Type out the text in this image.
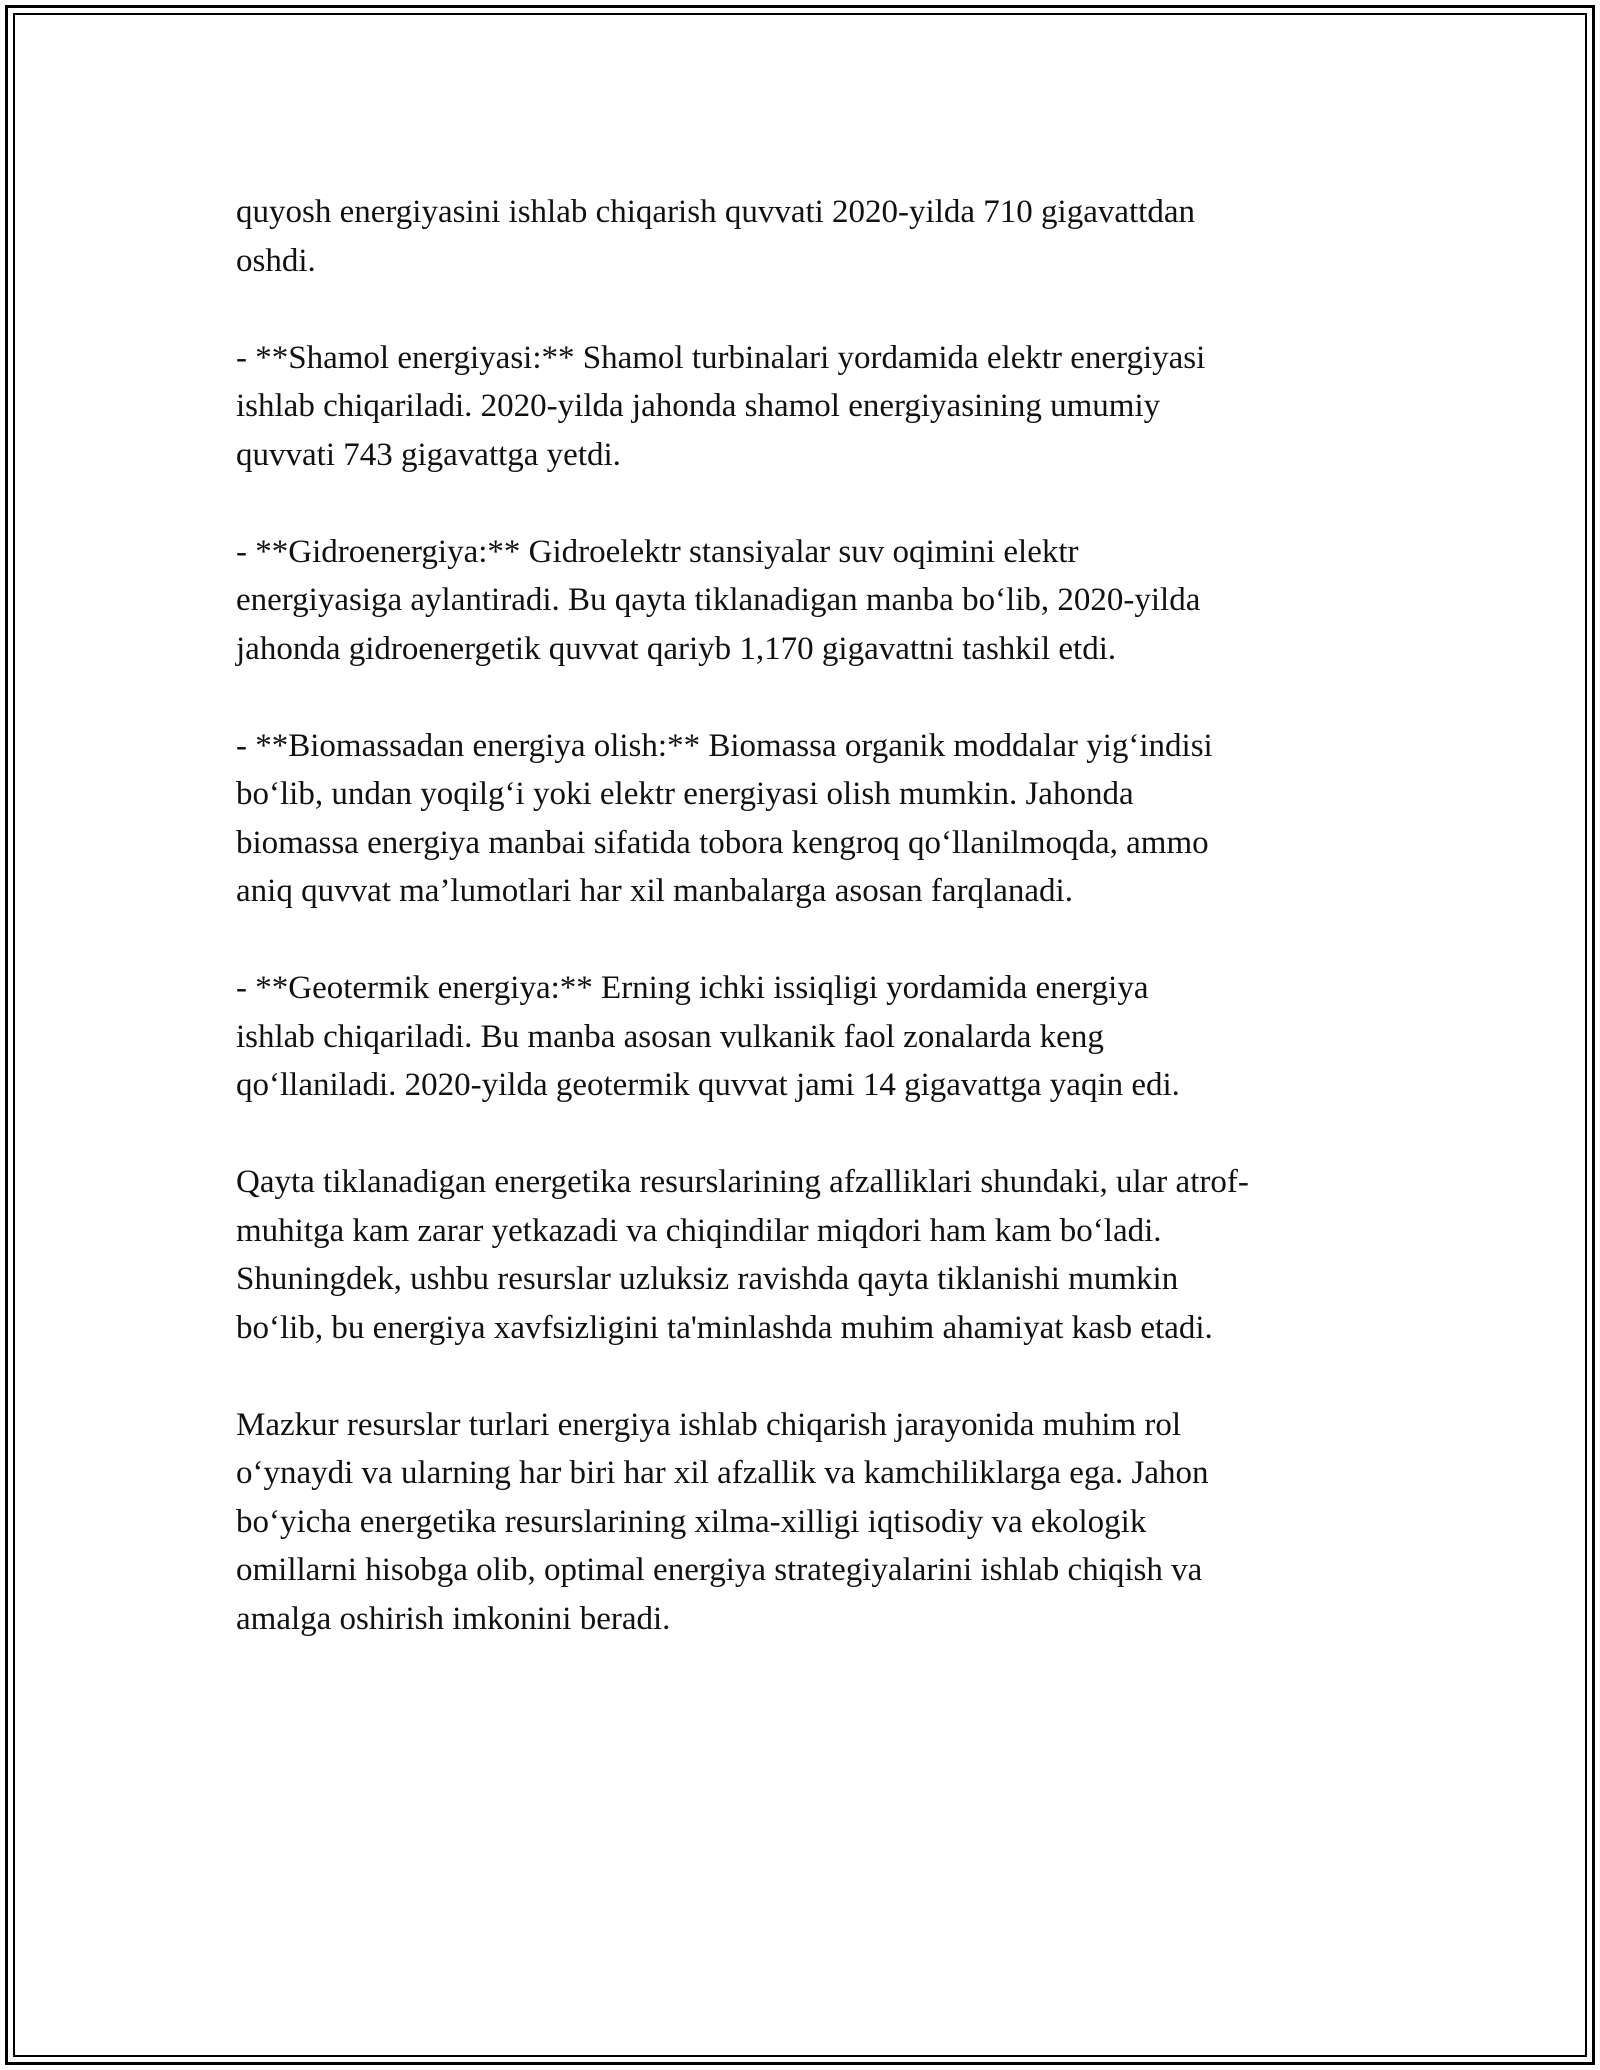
quyosh energiyasini ishlab chiqarish quvvati 2020-yilda 710 gigavattdan
oshdi.

- **Shamol energiyasi:** Shamol turbinalari yordamida elektr energiyasi
ishlab chiqariladi. 2020-yilda jahonda shamol energiyasining umumiy
quvvati 743 gigavattga yetdi.

- **Gidroenergiya:** Gidroelektr stansiyalar suv oqimini elektr
energiyasiga aylantiradi. Bu qayta tiklanadigan manba bo‘lib, 2020-yilda
jahonda gidroenergetik quvvat qariyb 1,170 gigavattni tashkil etdi.

- **Biomassadan energiya olish:** Biomassa organik moddalar yig‘indisi
bo‘lib, undan yoqilg‘i yoki elektr energiyasi olish mumkin. Jahonda
biomassa energiya manbai sifatida tobora kengroq qo‘llanilmoqda, ammo
aniq quvvat ma’lumotlari har xil manbalarga asosan farqlanadi.

- **Geotermik energiya:** Erning ichki issiqligi yordamida energiya
ishlab chiqariladi. Bu manba asosan vulkanik faol zonalarda keng
qo‘llaniladi. 2020-yilda geotermik quvvat jami 14 gigavattga yaqin edi.

Qayta tiklanadigan energetika resurslarining afzalliklari shundaki, ular atrof-
muhitga kam zarar yetkazadi va chiqindilar miqdori ham kam bo‘ladi.
Shuningdek, ushbu resurslar uzluksiz ravishda qayta tiklanishi mumkin
bo‘lib, bu energiya xavfsizligini ta'minlashda muhim ahamiyat kasb etadi.

Mazkur resurslar turlari energiya ishlab chiqarish jarayonida muhim rol
o‘ynaydi va ularning har biri har xil afzallik va kamchiliklarga ega. Jahon
bo‘yicha energetika resurslarining xilma-xilligi iqtisodiy va ekologik
omillarni hisobga olib, optimal energiya strategiyalarini ishlab chiqish va
amalga oshirish imkonini beradi.
